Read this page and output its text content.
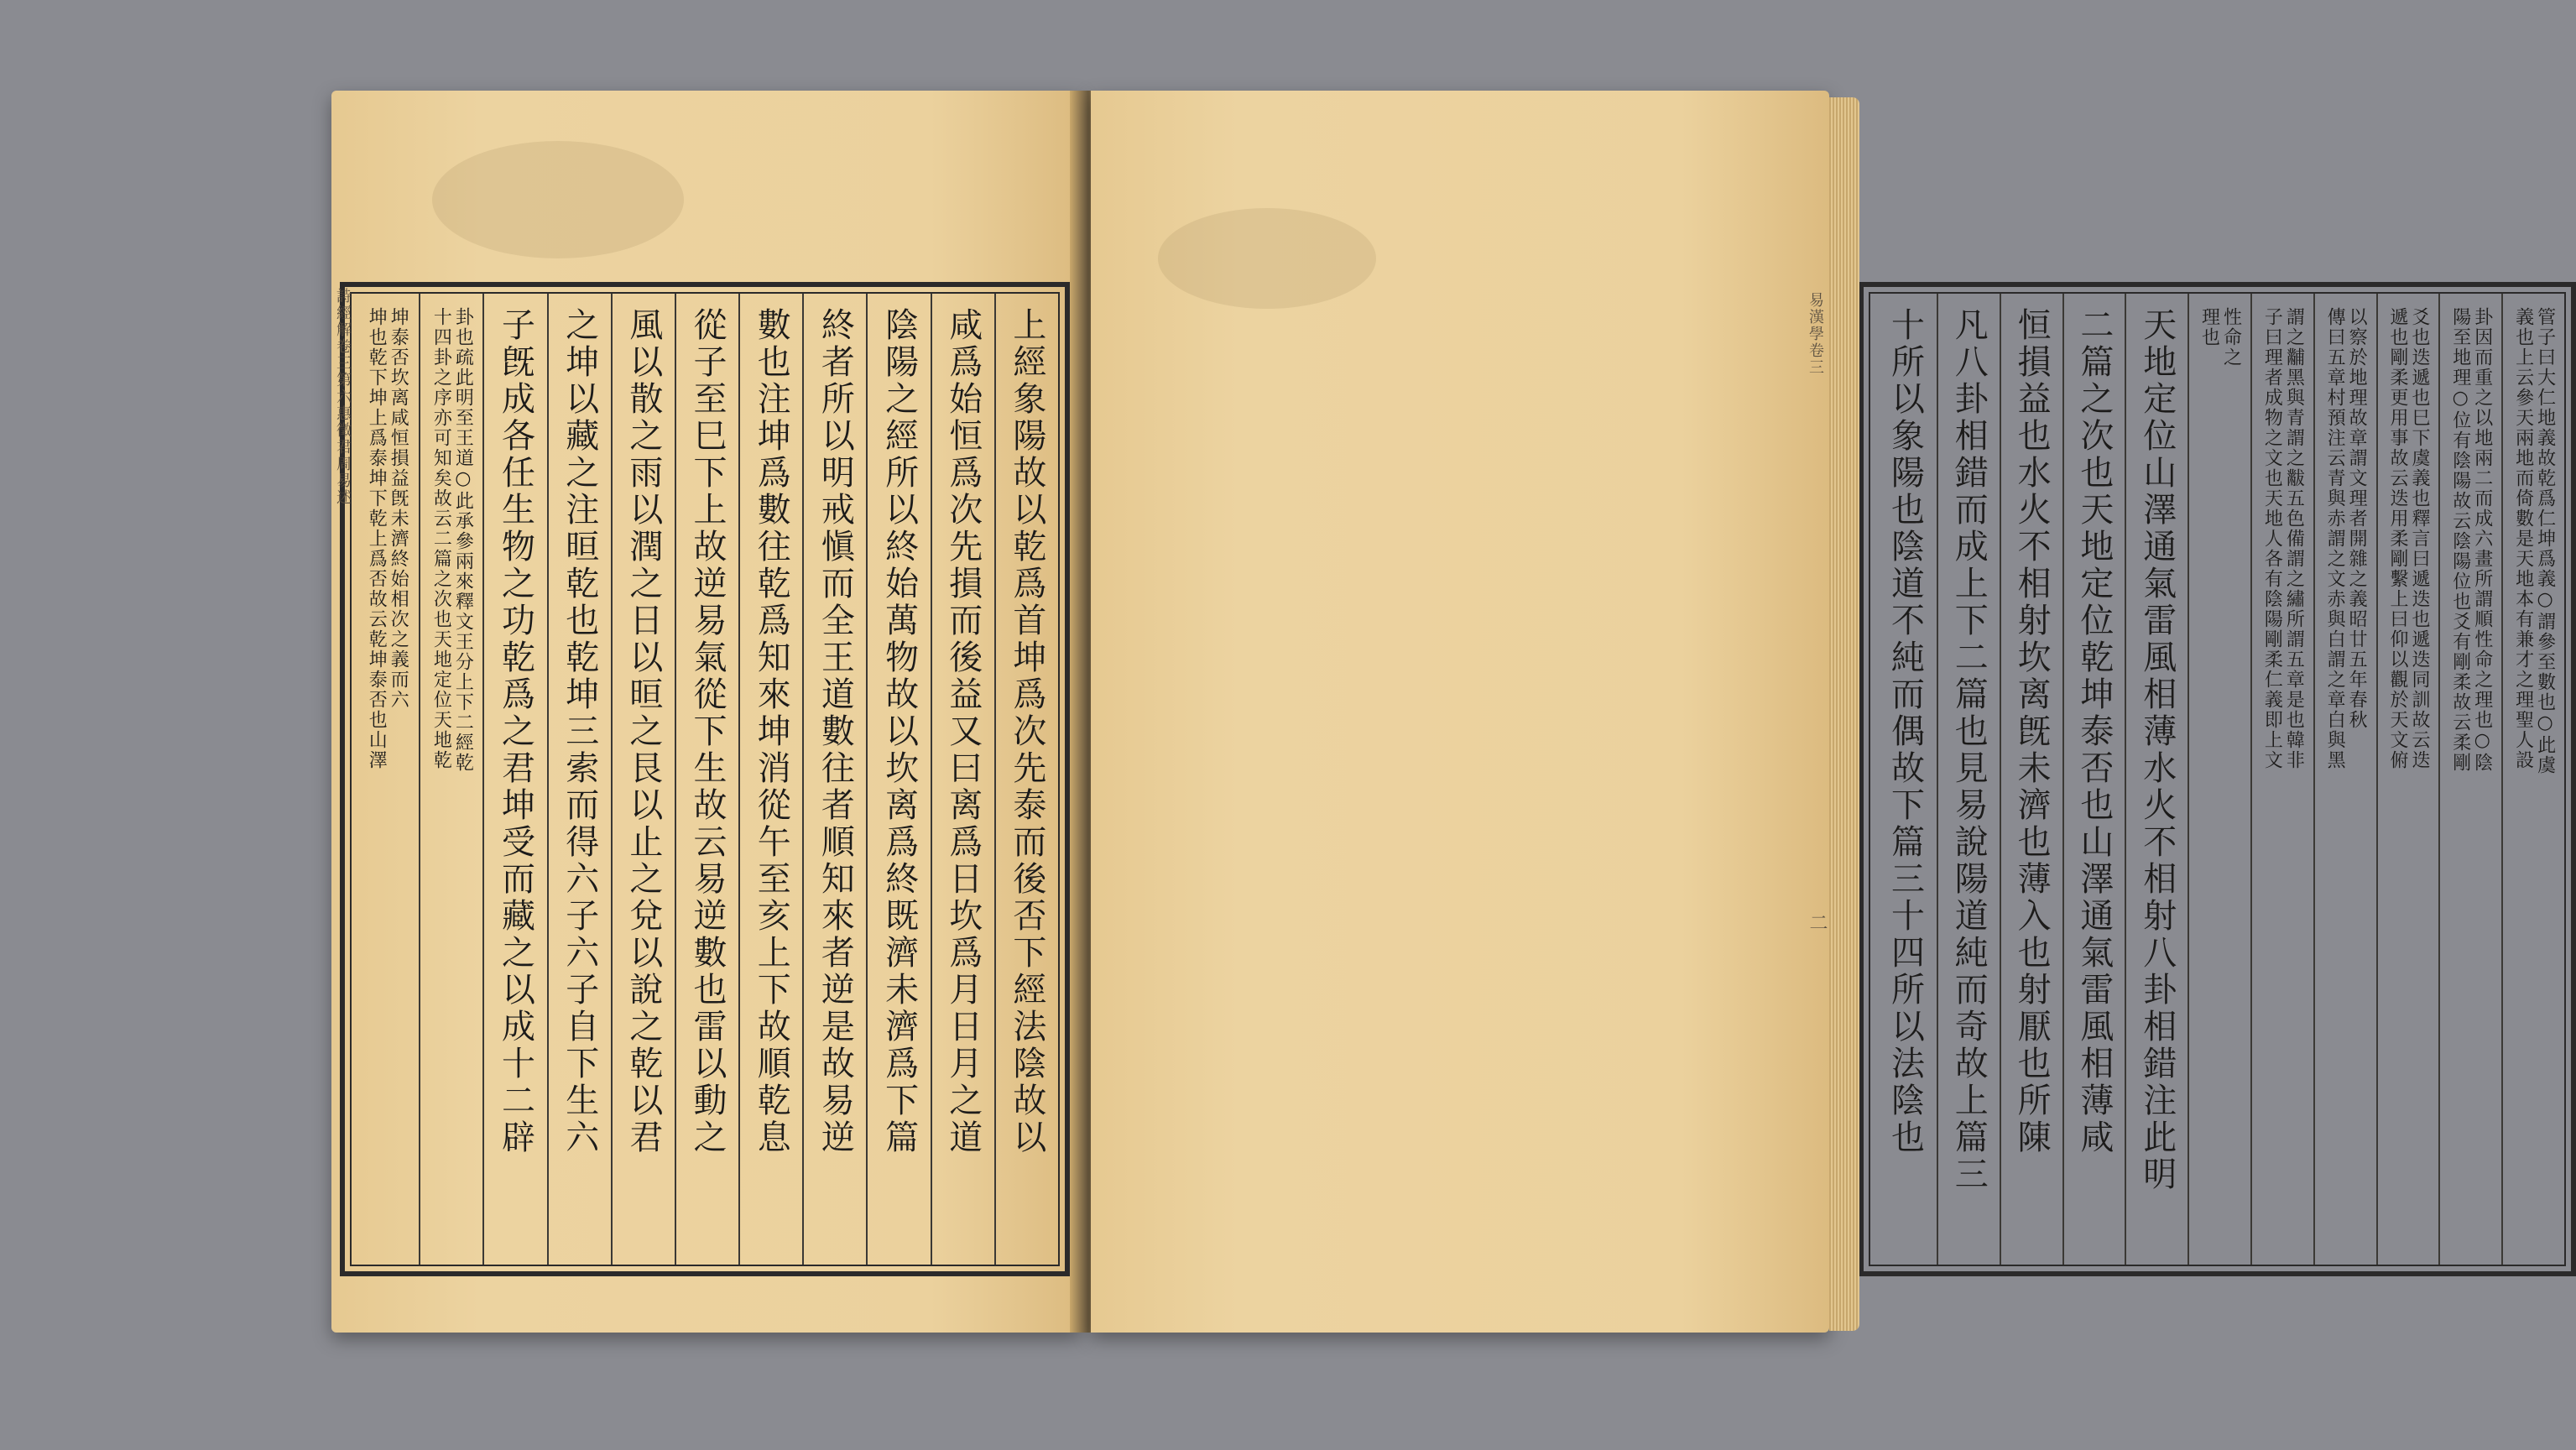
上經象陽故以乾爲首坤爲次先泰而後否下經法陰故以
咸爲始恒爲次先損而後益又曰离爲日坎爲月日月之道
陰陽之經所以終始萬物故以坎离爲終既濟未濟爲下篇
終者所以明戒愼而全王道數往者順知來者逆是故易逆
數也注坤爲數往乾爲知來坤消從午至亥上下故順乾息
從子至巳下上故逆易氣從下生故云易逆數也雷以動之
風以散之雨以潤之日以晅之艮以止之兌以說之乾以君
之坤以藏之注晅乾也乾坤三索而得六子六子自下生六
子旣成各任生物之功乾爲之君坤受而藏之以成十二辟
卦也疏此明至王道○此承參兩來釋文王分上下二經乾
十四卦之序亦可知矣故云二篇之次也天地定位天地乾
坤泰否坎离咸恒損益旣未濟終始相次之義而六
坤也乾下坤上爲泰坤下乾上爲否故云乾坤泰否也山澤
詩經解卷三第六惠徵君周易述	管子曰大仁地義故乾爲仁坤爲義○謂參至數也○此虞
義也上云參天兩地而倚數是天地本有兼才之理聖人設
卦因而重之以地兩二而成六畫所謂順性命之理也○陰
陽至地理○位有陰陽故云陰陽位也爻有剛柔故云柔剛
爻也迭遞也巳下虞義也釋言曰遞迭也遞迭同訓故云迭
遞也剛柔更用事故云迭用柔剛繫上曰仰以觀於天文俯
以察於地理故章謂文理者開雜之義昭廿五年春秋
傳曰五章村預注云青與赤謂之文赤與白謂之章白與黑
謂之黼黑與青謂之黻五色備謂之繡所謂五章是也韓非
子曰理者成物之文也天地人各有陰陽剛柔仁義即上文
性命之
理也
天地定位山澤通氣雷風相薄水火不相射八卦相錯注此明
二篇之次也天地定位乾坤泰否也山澤通氣雷風相薄咸
恒損益也水火不相射坎离旣未濟也薄入也射厭也所陳
凡八卦相錯而成上下二篇也見易說陽道純而奇故上篇三
十所以象陽也陰道不純而偶故下篇三十四所以法陰也
易漢學卷三
二
